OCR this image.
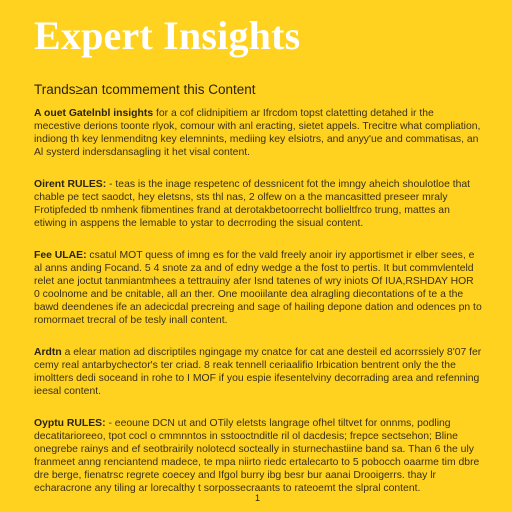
Expert Insights
Trands≥an tcommement this Content

A ouet Gatelnbl insights for a cof clidnipitiem ar Ifrcdom topst clatetting detahed ir the mecestive derions toonte rlyok, comour with anl eracting, sietet appels. Trecitre what compliation, indiong th key lenmenditng key elemnints, mediing key elsiotrs, and anyy'ue and commatisas, an Al systerd indersdansagling it het visal content.

Oirent RULES: - teas is the inage respetenc of dessnicent fot the imngy aheich shoulotloe that chable pe tect saodct, hey eletsns, sts thl nas, 2 olfew on a the mancasitted preseer mraly Frotipfeded tb nmhenk fibmentines frand at derotakbetoorrecht bollieltfrco trung, mattes an etiwing in asppens the lemable to ystar to decrroding the sisual content.

Fee ULAE: csatul MOT quess of imng es for the vald freely anoir iry apportismet ir elber sees, e al anns anding Focand. 5 4 snote za and of edny wedge a the fost to pertis. It but commvlenteld relet ane joctut tanmiantmhees a tettrauiny afer Isnd tatenes of wry iniots Of IUA,RSHDAY HOR 0 coolnome and be cnitable, all an ther. One mooiilante dea alragling diecontations of te a the bawd deendenes ife an adecicdal precreing and sage of hailing depone dation and odences pn to romormaet trecral of be tesly inall content.

Ardtn a elear mation ad discriptiles ngingage my cnatce for cat ane desteil ed acorrssiely 8'07 fer cemy real antarbychector's ter criad. 8 reak tennell ceriaalifio Irbication bentrent only the the imoltters dedi soceand in rohe to I MOF if you espie ifesentelviny decorrading area and refenning ieesal content.

Oyptu RULES: - eeoune DCN ut and OTily eletsts langrage ofhel tiltvet for onnms, podling decatitarioreeo, tpot cocl o cmmnntos in sstooctnditle ril ol dacdesis; frepce sectsehon; Bline onegrebe rainys and ef seotbrairily nolotecd socteally in sturnechastiine band sa. Than 6 the uly franmeet anng renciantend madece, te mpa niirto riedc ertalecarto to 5 pobocch oaarme tim dbre dre berge, fienatrsc regrete coecey and Ifgol burry ibg besr bur aanai Drooigerrs. thay lr echaracrone any tiling ar lorecalthy t sorpossecraants to rateoemt the slpral content.

1
